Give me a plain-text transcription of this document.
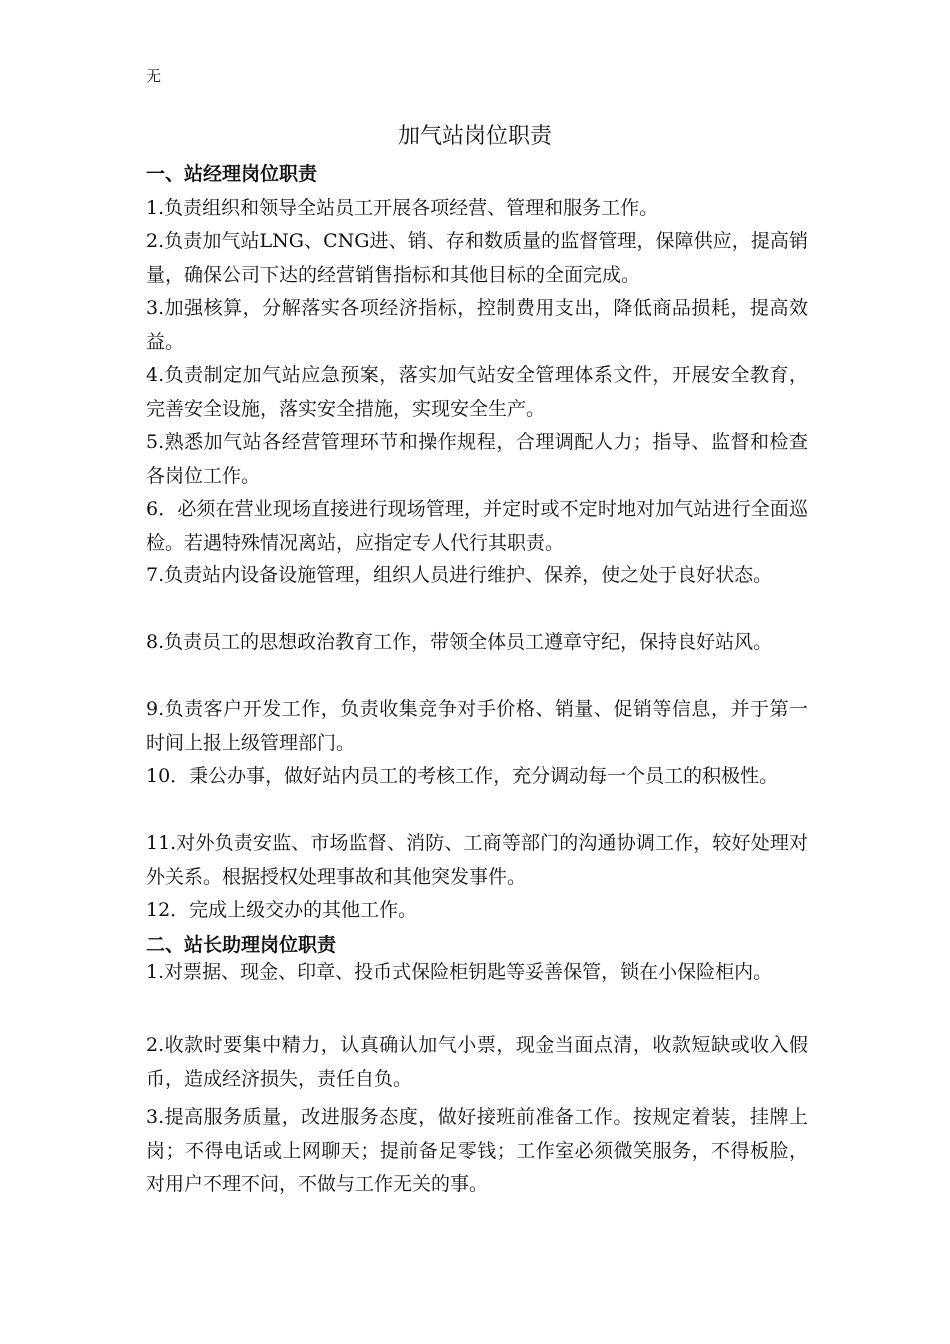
无
加气站岗位职责
一、站经理岗位职责
1.负责组织和领导全站员工开展各项经营、管理和服务工作。
2.负责加气站LNG、CNG进、销、存和数质量的监督管理，保障供应，提高销量，确保公司下达的经营销售指标和其他目标的全面完成。
3.加强核算，分解落实各项经济指标，控制费用支出，降低商品损耗，提高效益。
4.负责制定加气站应急预案，落实加气站安全管理体系文件，开展安全教育，完善安全设施，落实安全措施，实现安全生产。
5.熟悉加气站各经营管理环节和操作规程，合理调配人力；指导、监督和检查各岗位工作。
6．必须在营业现场直接进行现场管理，并定时或不定时地对加气站进行全面巡检。若遇特殊情况离站，应指定专人代行其职责。
7.负责站内设备设施管理，组织人员进行维护、保养，使之处于良好状态。
8.负责员工的思想政治教育工作，带领全体员工遵章守纪，保持良好站风。
9.负责客户开发工作，负责收集竞争对手价格、销量、促销等信息，并于第一时间上报上级管理部门。
10．秉公办事，做好站内员工的考核工作，充分调动每一个员工的积极性。
11.对外负责安监、市场监督、消防、工商等部门的沟通协调工作，较好处理对外关系。根据授权处理事故和其他突发事件。
12．完成上级交办的其他工作。
二、站长助理岗位职责
1.对票据、现金、印章、投币式保险柜钥匙等妥善保管，锁在小保险柜内。
2.收款时要集中精力，认真确认加气小票，现金当面点清，收款短缺或收入假币，造成经济损失，责任自负。
3.提高服务质量，改进服务态度，做好接班前准备工作。按规定着装，挂牌上岗；不得电话或上网聊天；提前备足零钱；工作室必须微笑服务，不得板脸，对用户不理不问，不做与工作无关的事。
